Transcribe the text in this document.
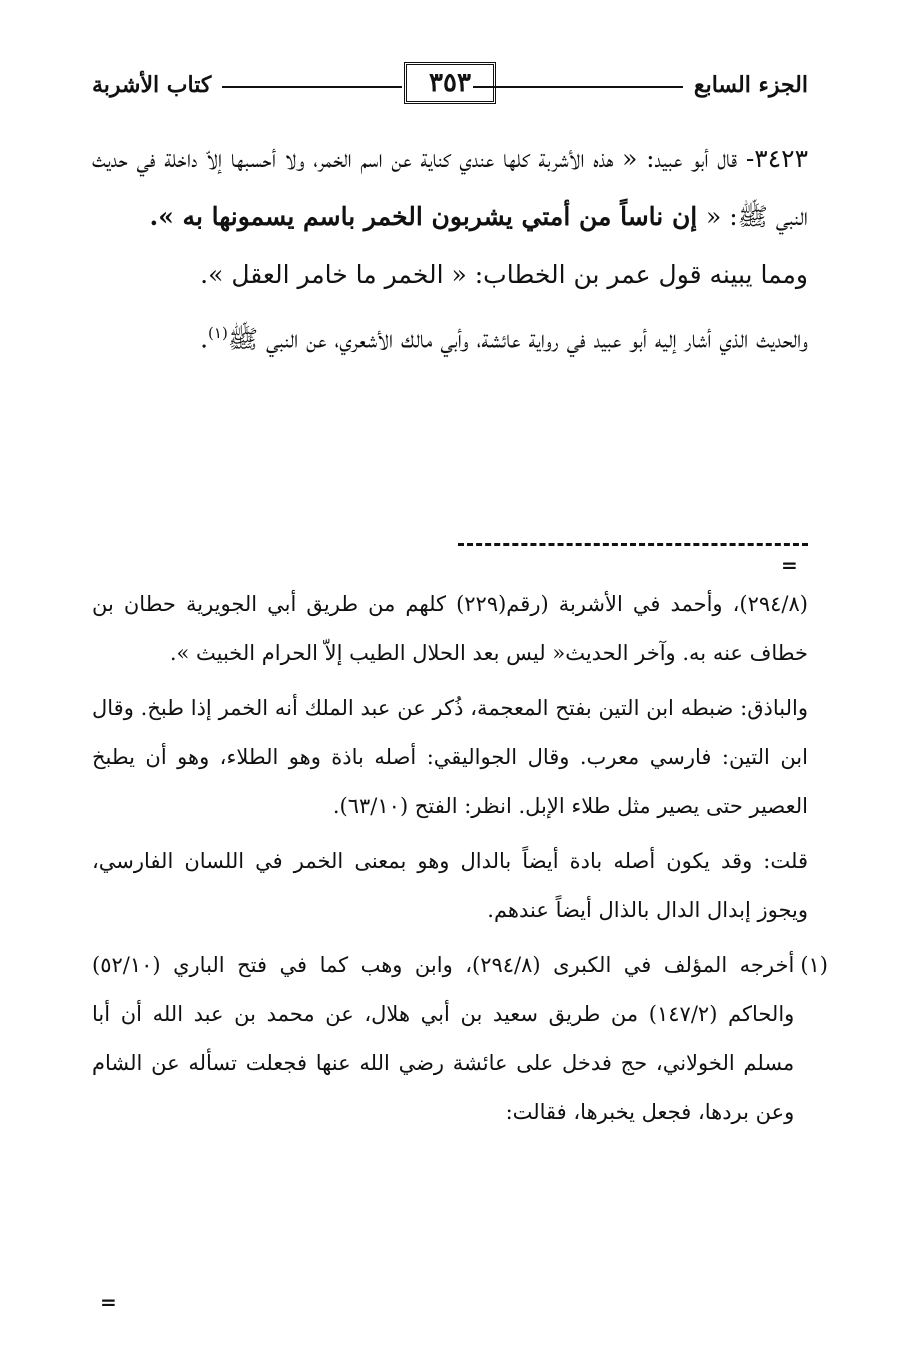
الجزء السابع
٣٥٣
كتاب الأشربة

٣٤٢٣- قال أبو عبيد: « هذه الأشربة كلها عندي كناية عن اسم الخمر، ولا أحسبها إلاّ داخلة في حديث النبي ﷺ: « إن ناساً من أمتي يشربون الخمر باسم يسمونها به ».

ومما يبينه قول عمر بن الخطاب: « الخمر ما خامر العقل ».

والحديث الذي أشار إليه أبو عبيد في رواية عائشة، وأبي مالك الأشعري، عن النبي ﷺ$^{(١)}$.

=

(٢٩٤/٨)، وأحمد في الأشربة (رقم(٢٢٩) كلهم من طريق أبي الجويرية حطان بن خطاف عنه به. وآخر الحديث« ليس بعد الحلال الطيب إلاّ الحرام الخبيث ».

والباذق: ضبطه ابن التين بفتح المعجمة، ذُكر عن عبد الملك أنه الخمر إذا طبخ. وقال ابن التين: فارسي معرب. وقال الجواليقي: أصله باذة وهو الطلاء، وهو أن يطبخ العصير حتى يصير مثل طلاء الإبل. انظر: الفتح (٦٣/١٠).

قلت: وقد يكون أصله بادة أيضاً بالدال وهو بمعنى الخمر في اللسان الفارسي، ويجوز إبدال الدال بالذال أيضاً عندهم.

(١)
أخرجه المؤلف في الكبرى (٢٩٤/٨)، وابن وهب كما في فتح الباري (٥٢/١٠) والحاكم (١٤٧/٢) من طريق سعيد بن أبي هلال، عن محمد بن عبد الله أن أبا مسلم الخولاني، حج فدخل على عائشة رضي الله عنها فجعلت تسأله عن الشام وعن بردها، فجعل يخبرها، فقالت:

=
